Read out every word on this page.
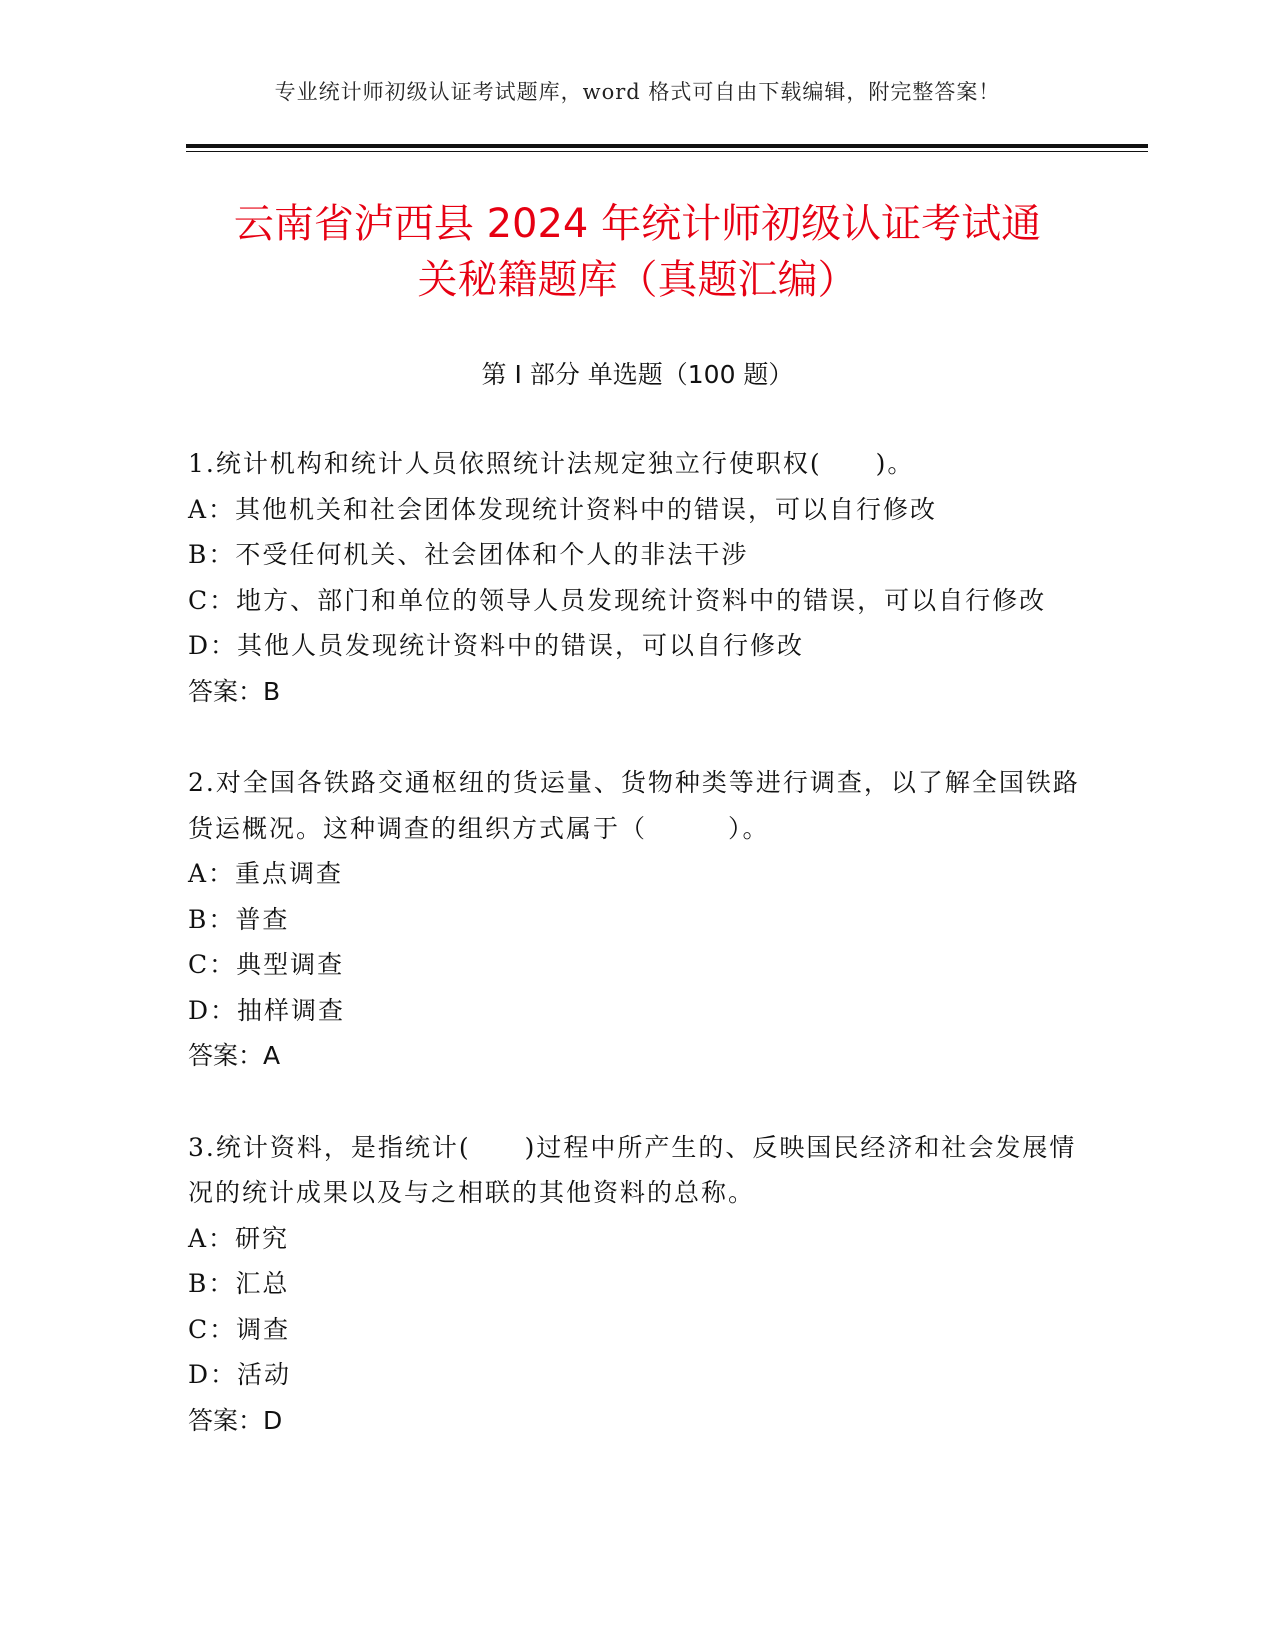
专业统计师初级认证考试题库，word 格式可自由下载编辑，附完整答案！
云南省泸西县 2024 年统计师初级认证考试通
关秘籍题库（真题汇编）
第 I 部分 单选题（100 题）
1.统计机构和统计人员依照统计法规定独立行使职权(　　)。
A：其他机关和社会团体发现统计资料中的错误，可以自行修改
B：不受任何机关、社会团体和个人的非法干涉
C：地方、部门和单位的领导人员发现统计资料中的错误，可以自行修改
D：其他人员发现统计资料中的错误，可以自行修改
答案：B
2.对全国各铁路交通枢纽的货运量、货物种类等进行调查，以了解全国铁路货运概况。这种调查的组织方式属于（　　　）。
A：重点调查
B：普查
C：典型调查
D：抽样调查
答案：A
3.统计资料，是指统计(　　)过程中所产生的、反映国民经济和社会发展情况的统计成果以及与之相联的其他资料的总称。
A：研究
B：汇总
C：调查
D：活动
答案：D
